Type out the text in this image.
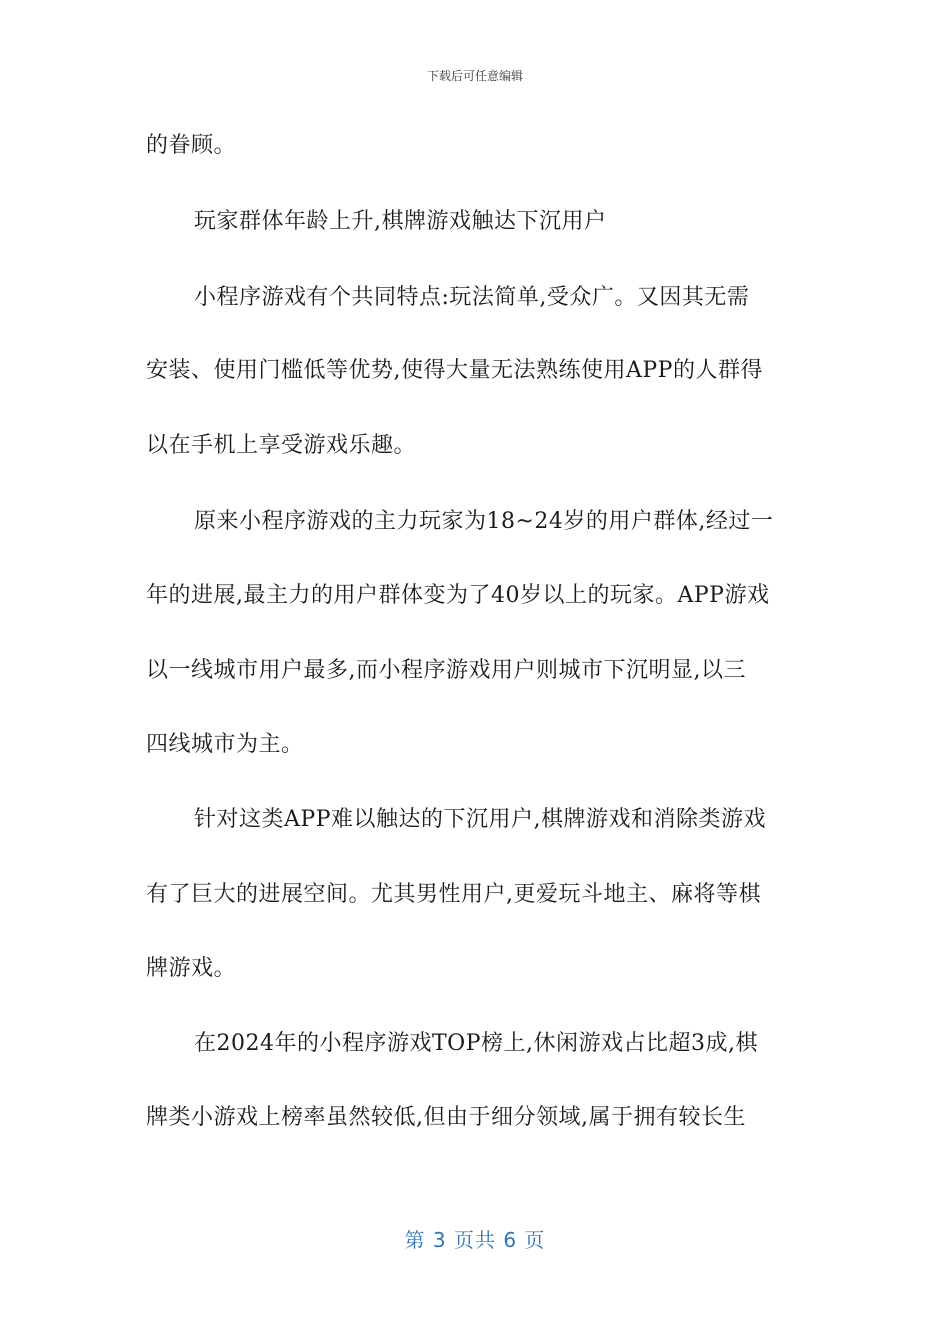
下载后可任意编辑
的眷顾。
玩家群体年龄上升,棋牌游戏触达下沉用户
小程序游戏有个共同特点:玩法简单,受众广。又因其无需
安装、使用门槛低等优势,使得大量无法熟练使用APP的人群得
以在手机上享受游戏乐趣。
原来小程序游戏的主力玩家为18~24岁的用户群体,经过一
年的进展,最主力的用户群体变为了40岁以上的玩家。APP游戏
以一线城市用户最多,而小程序游戏用户则城市下沉明显,以三
四线城市为主。
针对这类APP难以触达的下沉用户,棋牌游戏和消除类游戏
有了巨大的进展空间。尤其男性用户,更爱玩斗地主、麻将等棋
牌游戏。
在2024年的小程序游戏TOP榜上,休闲游戏占比超3成,棋
牌类小游戏上榜率虽然较低,但由于细分领域,属于拥有较长生
第 3 页共 6 页
